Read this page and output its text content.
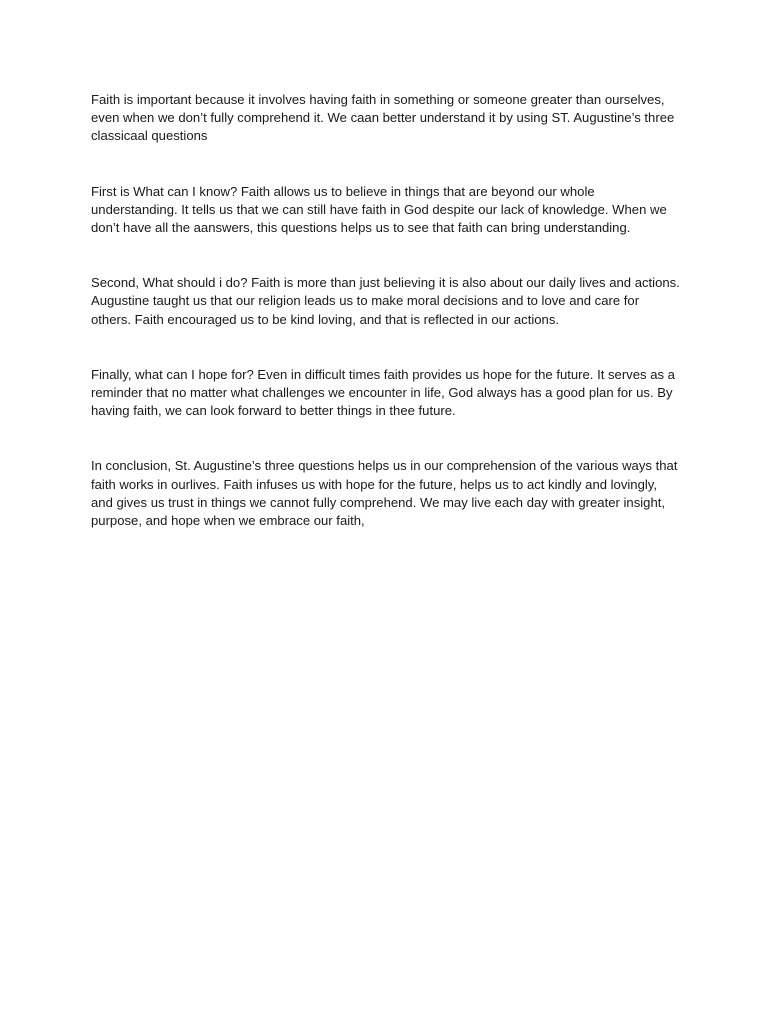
Faith is important because it involves having faith in something or someone greater than ourselves, even when we don’t fully comprehend it. We caan better understand it by using ST. Augustine’s three classicaal questions

First is What can I know? Faith allows us to believe in things that are beyond our whole understanding. It tells us that we can still have faith in God despite our lack of knowledge. When we don’t have all the aanswers, this questions helps us to see that faith can bring understanding.

Second, What should i do? Faith is more than just believing it is also about our daily lives and actions. Augustine taught us that our religion leads us to make moral decisions and to love and care for others. Faith encouraged us to be kind loving, and that is reflected in our actions.

Finally, what can I hope for? Even in difficult times faith provides us hope for the future. It serves as a reminder that no matter what challenges we encounter in life, God always has a good plan for us. By having faith, we can look forward to better things in thee future.

In conclusion, St. Augustine’s three questions helps us in our comprehension of the various ways that faith works in ourlives. Faith infuses us with hope for the future, helps us to act kindly and lovingly, and gives us trust in things we cannot fully comprehend. We may live each day with greater insight, purpose, and hope when we embrace our faith,
